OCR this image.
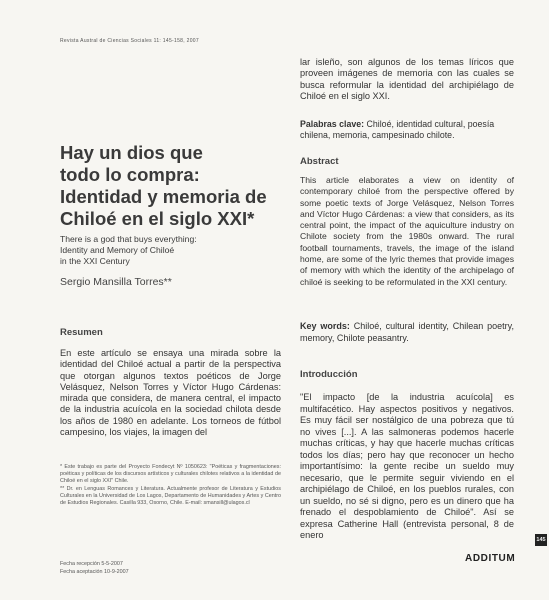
Revista Austral de Ciencias Sociales 11: 145-158, 2007
Hay un dios que
todo lo compra:
Identidad y memoria de
Chiloé en el siglo XXI*
There is a god that buys everything:
Identity and Memory of Chiloé
in the XXI Century
Sergio Mansilla Torres**
Resumen
En este artículo se ensaya una mirada sobre la identidad del Chiloé actual a partir de la perspectiva que otorgan algunos textos poéticos de Jorge Velásquez, Nelson Torres y Víctor Hugo Cárdenas: mirada que considera, de manera central, el impacto de la industria acuícola en la sociedad chilota desde los años de 1980 en adelante. Los torneos de fútbol campesino, los viajes, la imagen del
* Este trabajo es parte del Proyecto Fondecyt Nº 1050623: "Poéticas y fragmentaciones: poéticas y políticas de los discursos artísticos y culturales chilotes relativos a la identidad de Chiloé en el siglo XXI" Chile.
** Dr. en Lenguas Romances y Literatura. Actualmente profesor de Literatura y Estudios Culturales en la Universidad de Los Lagos, Departamento de Humanidades y Artes y Centro de Estudios Regionales. Casilla 933, Osorno, Chile. E-mail: smansill@ulagos.cl
Fecha recepción 5-5-2007
Fecha aceptación 10-9-2007
lar isleño, son algunos de los temas líricos que proveen imágenes de memoria con las cuales se busca reformular la identidad del archipiélago de Chiloé en el siglo XXI.
Palabras clave: Chiloé, identidad cultural, poesía chilena, memoria, campesinado chilote.
Abstract
This article elaborates a view on identity of contemporary chiloé from the perspective offered by some poetic texts of Jorge Velásquez, Nelson Torres and Víctor Hugo Cárdenas: a view that considers, as its central point, the impact of the aquiculture industry on Chilote society from the 1980s onward. The rural football tournaments, travels, the image of the island home, are some of the lyric themes that provide images of memory with which the identity of the archipelago of chiloé is seeking to be reformulated in the XXI century.
Key words: Chiloé, cultural identity, Chilean poetry, memory, Chilote peasantry.
Introducción
"El impacto [de la industria acuícola] es multifacético. Hay aspectos positivos y negativos. Es muy fácil ser nostálgico de una pobreza que tú no vives [...]. A las salmoneras podemos hacerle muchas críticas, y hay que hacerle muchas críticas todos los días; pero hay que reconocer un hecho importantísimo: la gente recibe un sueldo muy necesario, que le permite seguir viviendo en el archipiélago de Chiloé, en los pueblos rurales, con un sueldo, no sé si digno, pero es un dinero que ha frenado el despoblamiento de Chiloé". Así se expresa Catherine Hall (entrevista personal, 8 de enero	145
ADDITUM
